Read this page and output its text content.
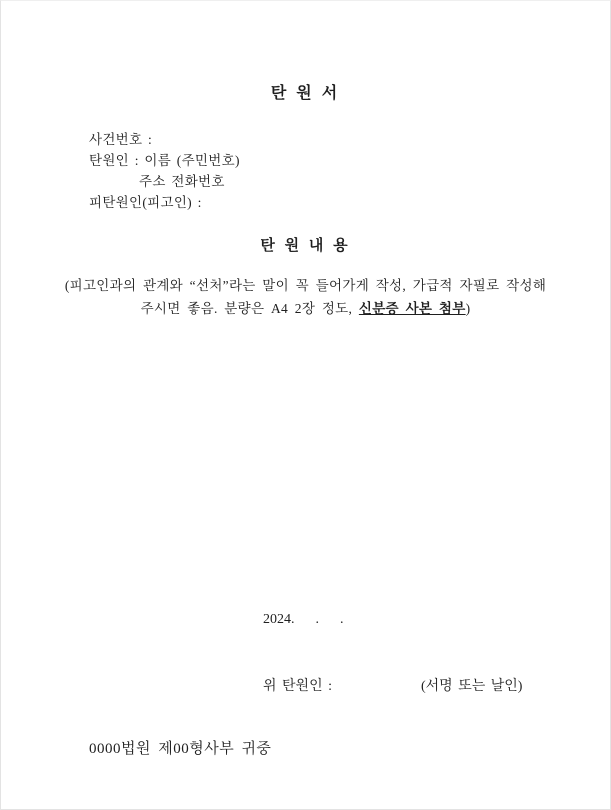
탄 원 서
사건번호 :
탄원인 : 이름 (주민번호)
주소 전화번호
피탄원인(피고인) :
탄 원 내 용
(피고인과의 관계와 “선처”라는 말이 꼭 들어가게 작성, 가급적 자필로 작성해
주시면 좋음. 분량은 A4 2장 정도, 신분증 사본 첨부)
2024.      .      .
위 탄원인 :	(서명 또는 날인)
0000법원 제00형사부 귀중
